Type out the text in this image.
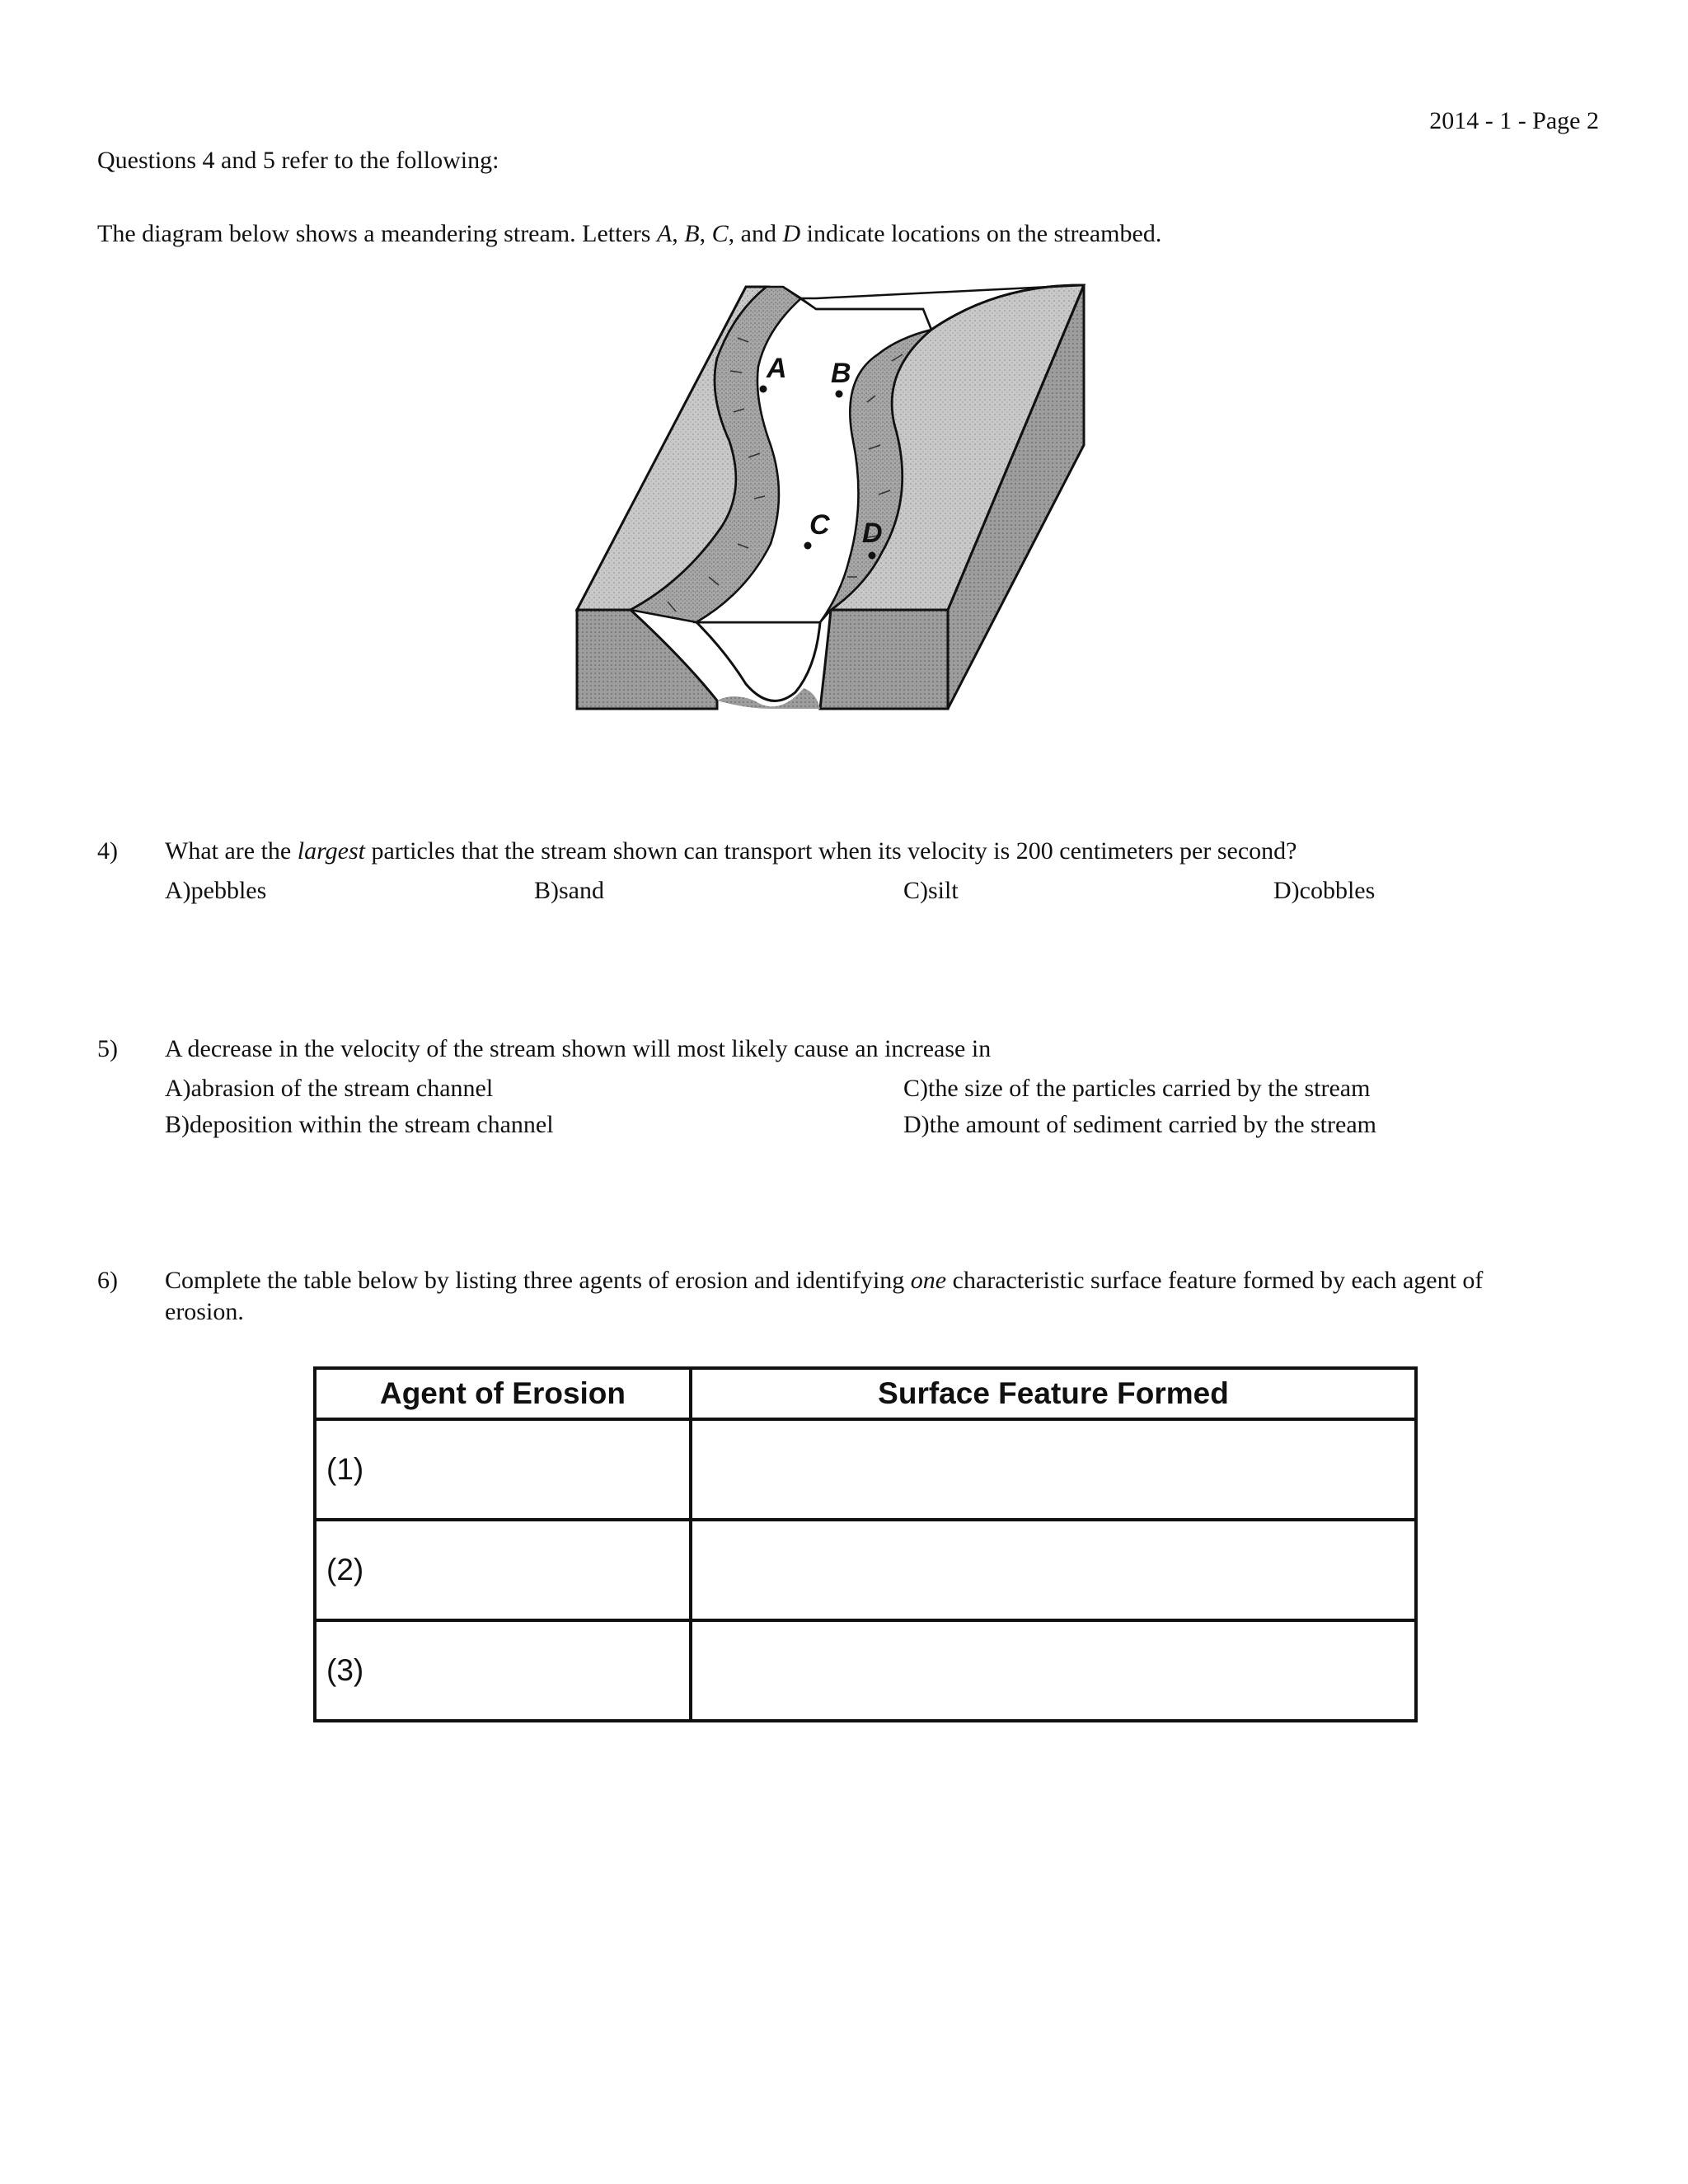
2014 - 1 - Page 2
Questions 4 and 5 refer to the following:
The diagram below shows a meandering stream. Letters A, B, C, and D indicate locations on the streambed.
A B
C D
4) What are the largest particles that the stream shown can transport when its velocity is 200 centimeters per second?
A)pebbles	B)sand	C)silt	D)cobbles
5) A decrease in the velocity of the stream shown will most likely cause an increase in
A)abrasion of the stream channel
B)deposition within the stream channel
C)the size of the particles carried by the stream
D)the amount of sediment carried by the stream
6) Complete the table below by listing three agents of erosion and identifying one characteristic surface feature formed by each agent of erosion.
Agent of Erosion	Surface Feature Formed
(1)	
(2)	
(3)	
